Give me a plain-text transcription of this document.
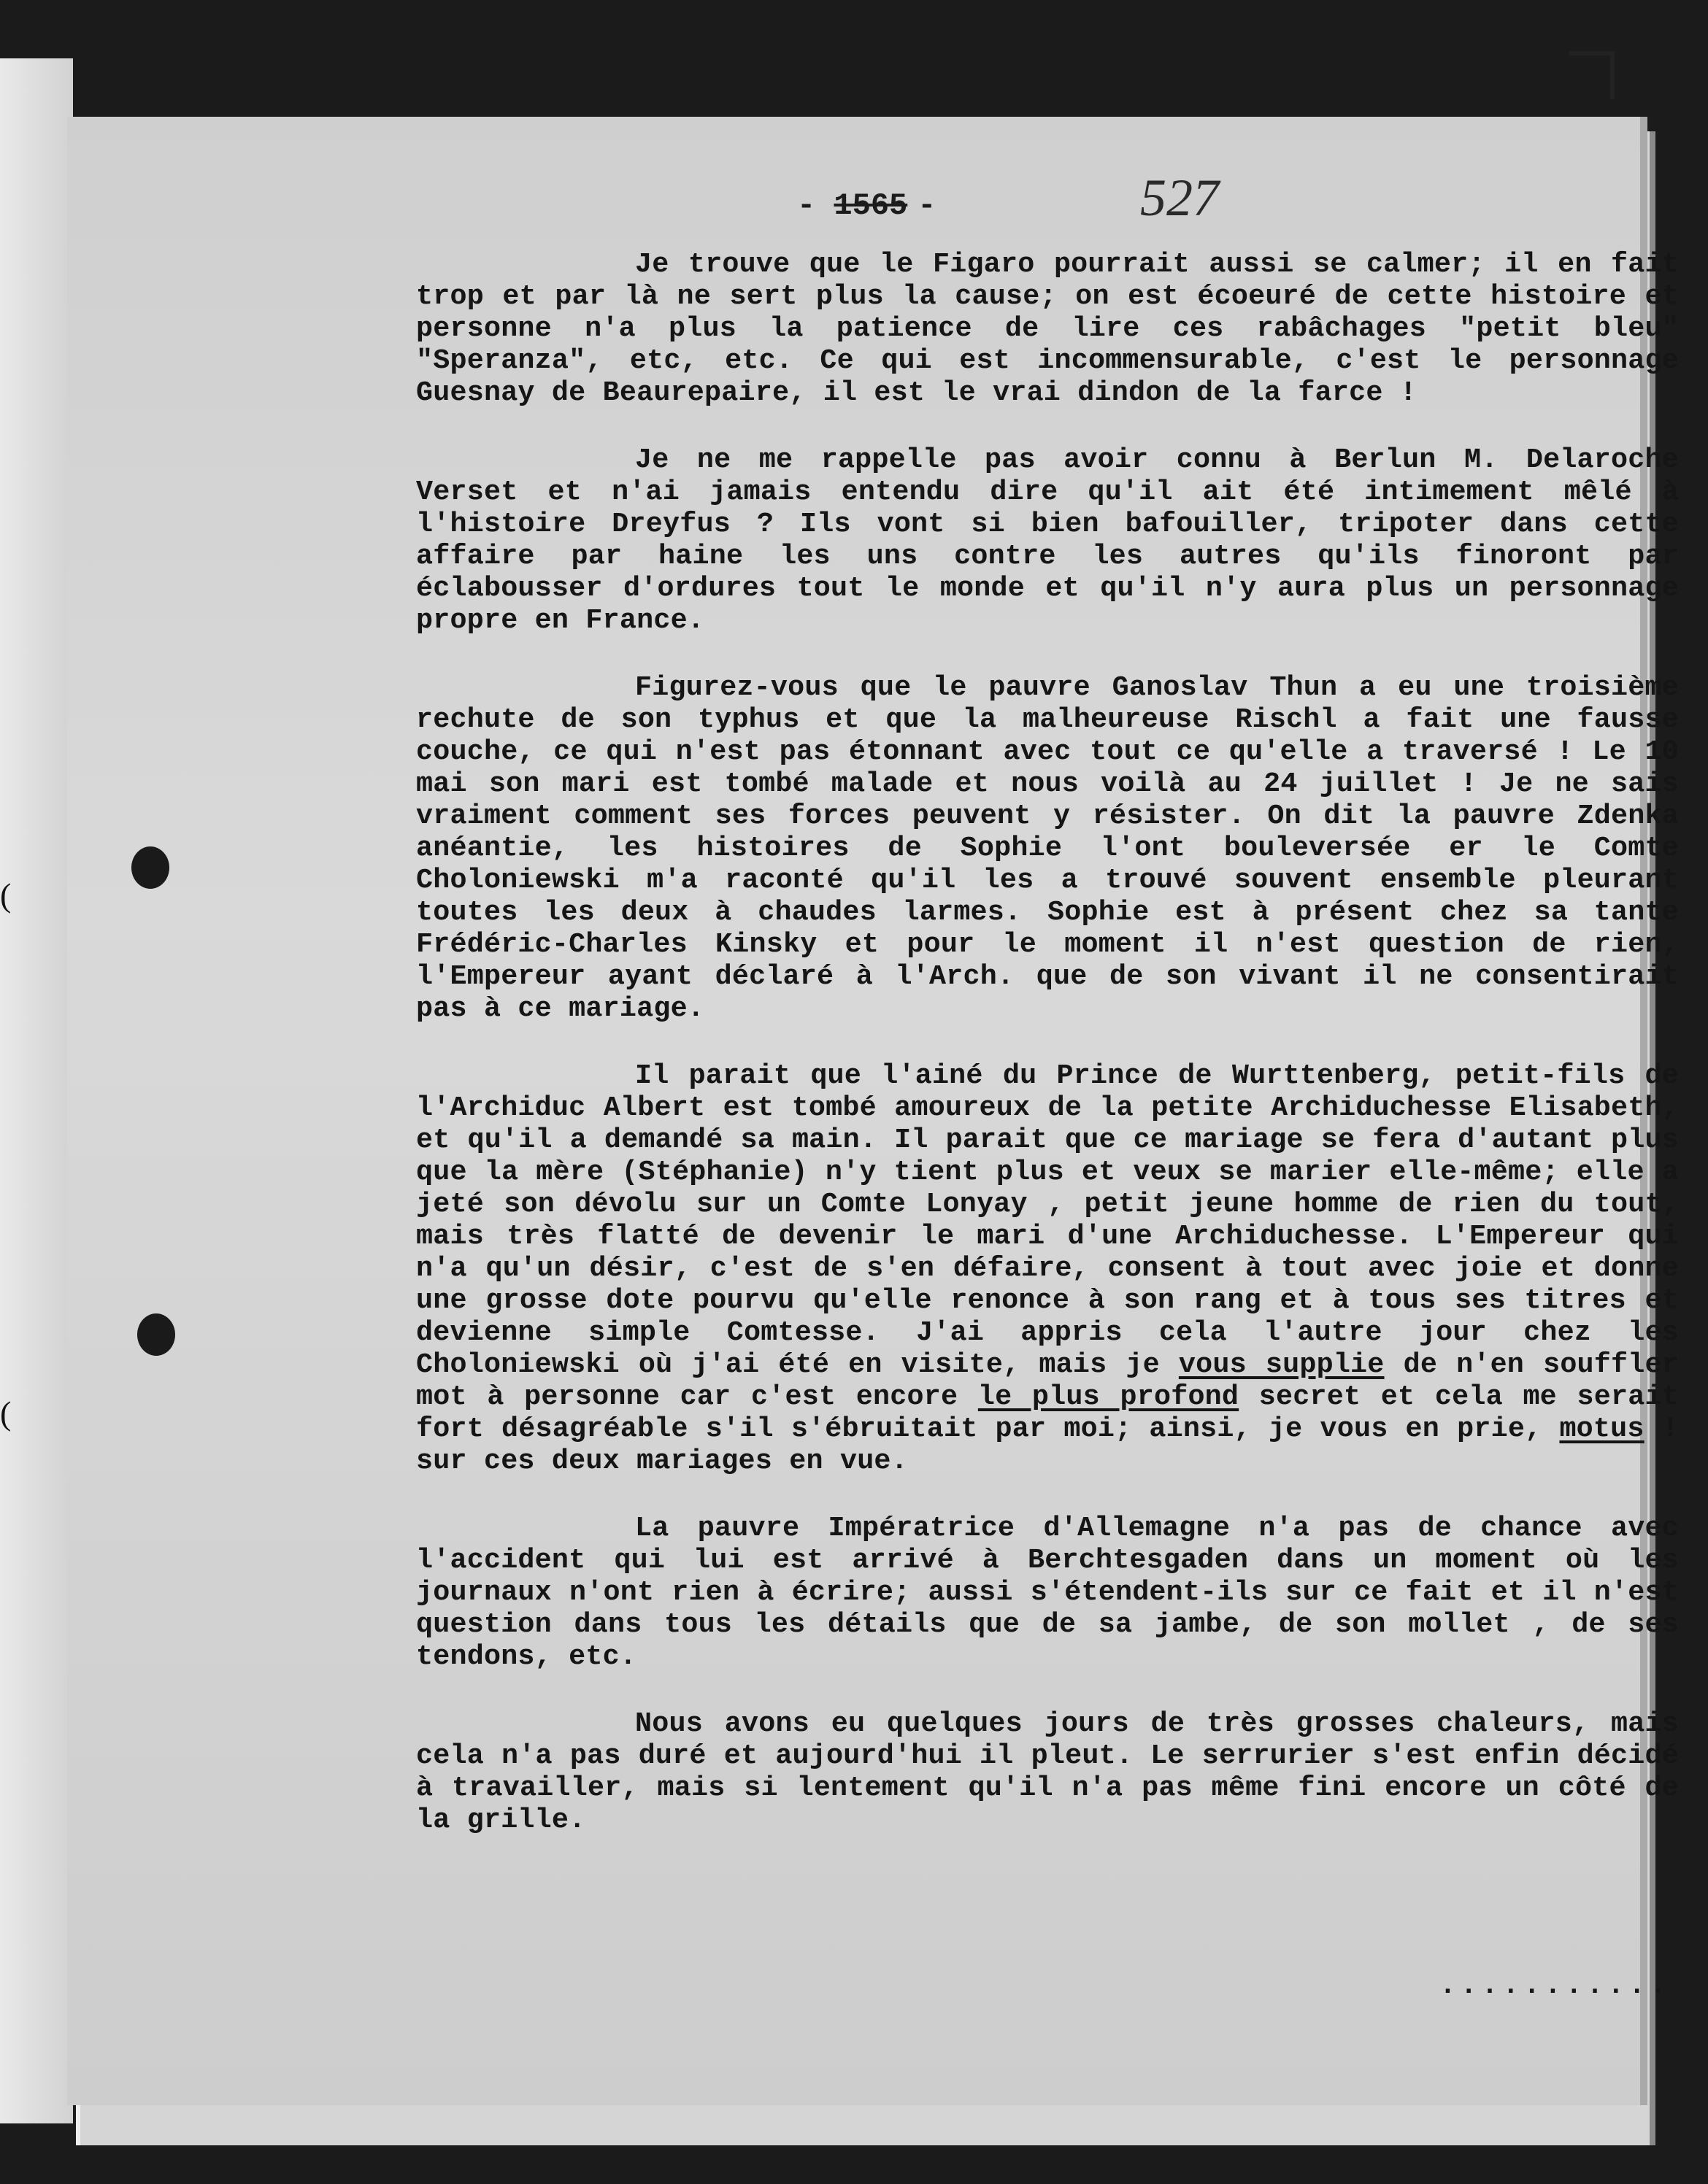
(
(
- 1565 -	527

Je trouve que le Figaro pourrait aussi se calmer; il en fait trop et par là ne sert plus la cause; on est écoeuré de cette histoire et personne n'a plus la patience de lire ces rabâchages "petit bleu" "Speranza", etc, etc. Ce qui est incommensurable, c'est le personnage Guesnay de Beaurepaire, il est le vrai dindon de la farce !

Je ne me rappelle pas avoir connu à Berlun M. Delaroche Verset et n'ai jamais entendu dire qu'il ait été intimement mêlé à l'histoire Dreyfus ? Ils vont si bien bafouiller, tripoter dans cette affaire par haine les uns contre les autres qu'ils finoront par éclabousser d'ordures tout le monde et qu'il n'y aura plus un personnage propre en France.

Figurez-vous que le pauvre Ganoslav Thun a eu une troisième rechute de son typhus et que la malheureuse Rischl a fait une fausse couche, ce qui n'est pas étonnant avec tout ce qu'elle a traversé ! Le 10 mai son mari est tombé malade et nous voilà au 24 juillet ! Je ne sais vraiment comment ses forces peuvent y résister. On dit la pauvre Zdenka anéantie, les histoires de Sophie l'ont bouleversée er le Comte Choloniewski m'a raconté qu'il les a trouvé souvent ensemble pleurant toutes les deux à chaudes larmes. Sophie est à présent chez sa tante Frédéric-Charles Kinsky et pour le moment il n'est question de rien, l'Empereur ayant déclaré à l'Arch. que de son vivant il ne consentirait pas à ce mariage.

Il parait que l'ainé du Prince de Wurttenberg, petit-fils de l'Archiduc Albert est tombé amoureux de la petite Archiduchesse Elisabeth, et qu'il a demandé sa main. Il parait que ce mariage se fera d'autant plus que la mère (Stéphanie) n'y tient plus et veux se marier elle-même; elle a jeté son dévolu sur un Comte Lonyay , petit jeune homme de rien du tout, mais très flatté de devenir le mari d'une Archiduchesse. L'Empereur qui n'a qu'un désir, c'est de s'en défaire, consent à tout avec joie et donne une grosse dote pourvu qu'elle renonce à son rang et à tous ses titres et devienne simple Comtesse. J'ai appris cela l'autre jour chez les Choloniewski où j'ai été en visite, mais je vous supplie de n'en souffler mot à personne car c'est encore le plus profond secret et cela me serait fort désagréable s'il s'ébruitait par moi; ainsi, je vous en prie, motus ! sur ces deux mariages en vue.

La pauvre Impératrice d'Allemagne n'a pas de chance avec l'accident qui lui est arrivé à Berchtesgaden dans un moment où les journaux n'ont rien à écrire; aussi s'étendent-ils sur ce fait et il n'est question dans tous les détails que de sa jambe, de son mollet , de ses tendons, etc.

Nous avons eu quelques jours de très grosses chaleurs, mais cela n'a pas duré et aujourd'hui il pleut. Le serrurier s'est enfin décidé à travailler, mais si lentement qu'il n'a pas même fini encore un côté de la grille.

...........
